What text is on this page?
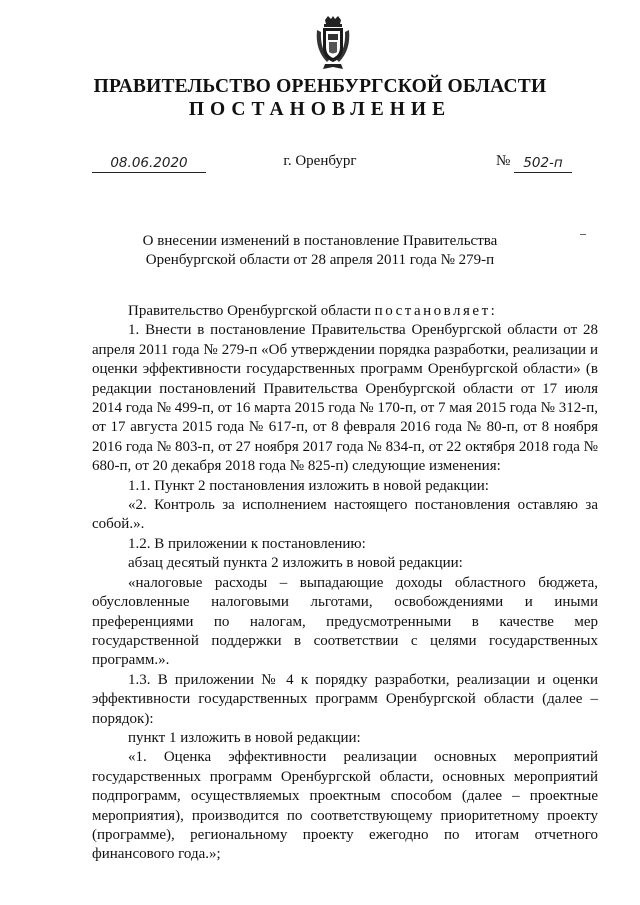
ПРАВИТЕЛЬСТВО ОРЕНБУРГСКОЙ ОБЛАСТИ
ПОСТАНОВЛЕНИЕ
08.06.2020	г. Оренбург	№ 502-п
О внесении изменений в постановление Правительства
Оренбургской области от 28 апреля 2011 года № 279-п

Правительство Оренбургской области постановляет:

1. Внести в постановление Правительства Оренбургской области от 28 апреля 2011 года № 279-п «Об утверждении порядка разработки, реализации и оценки эффективности государственных программ Оренбургской области» (в редакции постановлений Правительства Оренбургской области от 17 июля 2014 года № 499-п, от 16 марта 2015 года № 170-п, от 7 мая 2015 года № 312-п, от 17 августа 2015 года № 617-п, от 8 февраля 2016 года № 80-п, от 8 ноября 2016 года № 803-п, от 27 ноября 2017 года № 834-п, от 22 октября 2018 года № 680-п, от 20 декабря 2018 года № 825-п) следующие изменения:

1.1. Пункт 2 постановления изложить в новой редакции:

«2. Контроль за исполнением настоящего постановления оставляю за собой.».

1.2. В приложении к постановлению:

абзац десятый пункта 2 изложить в новой редакции:

«налоговые расходы – выпадающие доходы областного бюджета, обусловленные налоговыми льготами, освобождениями и иными преференциями по налогам, предусмотренными в качестве мер государственной поддержки в соответствии с целями государственных программ.».

1.3. В приложении № 4 к порядку разработки, реализации и оценки эффективности государственных программ Оренбургской области (далее – порядок):

пункт 1 изложить в новой редакции:

«1. Оценка эффективности реализации основных мероприятий государственных программ Оренбургской области, основных мероприятий подпрограмм, осуществляемых проектным способом (далее – проектные мероприятия), производится по соответствующему приоритетному проекту (программе), региональному проекту ежегодно по итогам отчетного финансового года.»;
